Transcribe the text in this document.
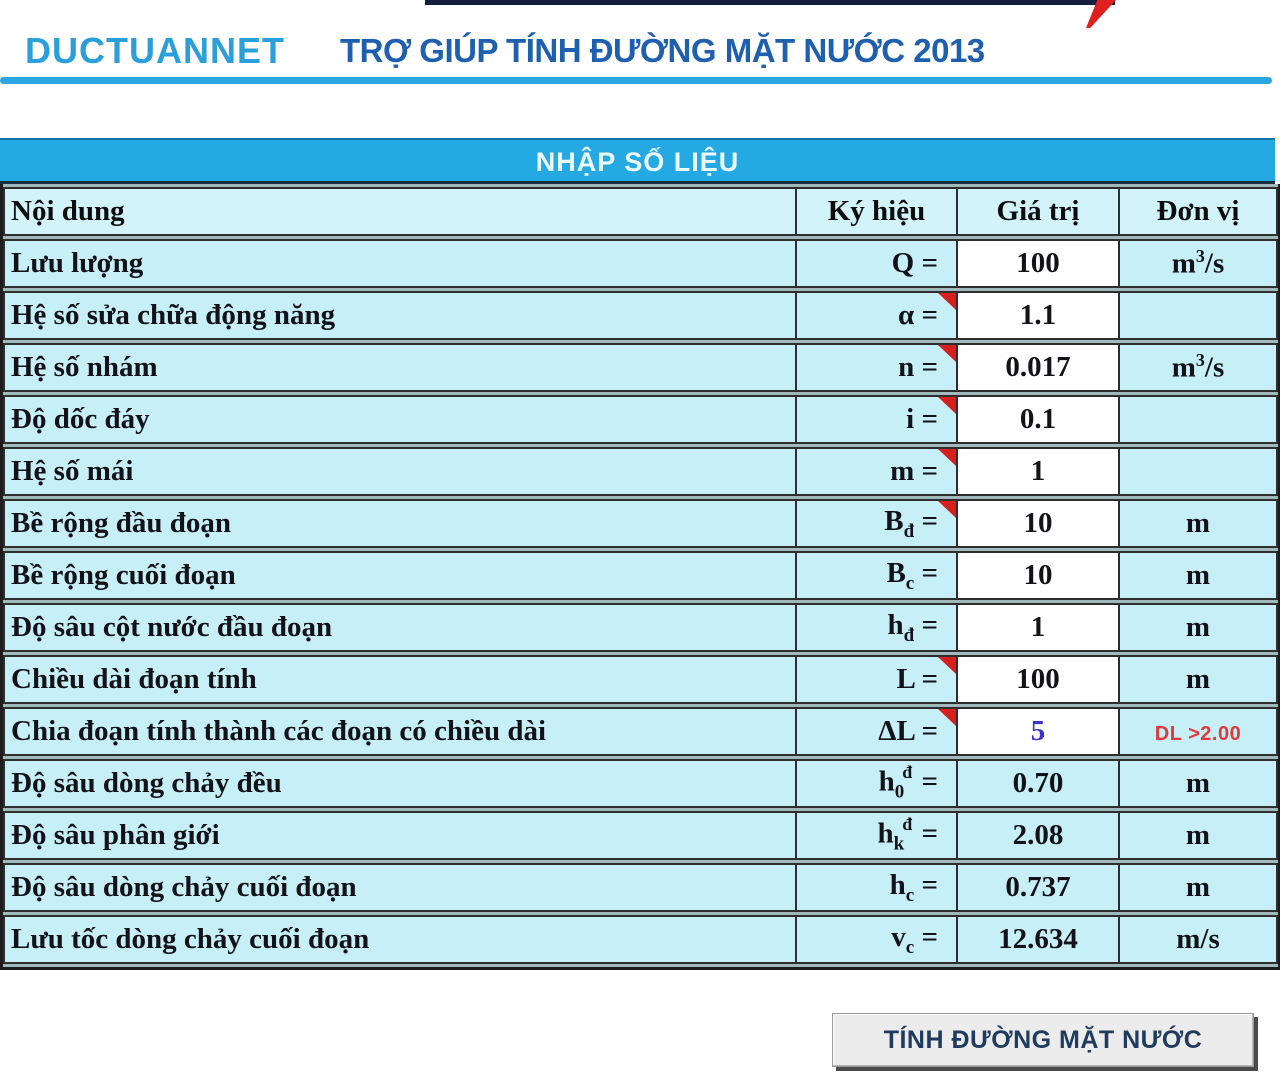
DUCTUANNET TRỢ GIÚP TÍNH ĐƯỜNG MẶT NƯỚC 2013
NHẬP SỐ LIỆU
Nội dung	Ký hiệu	Giá trị	Đơn vị
Lưu lượng	Q =	100	$m^3/s$
Hệ số sửa chữa động năng	α =	1.1	
Hệ số nhám	n =	0.017	$m^3/s$
Độ dốc đáy	i =	0.1	
Hệ số mái	m =	1	
Bề rộng đầu đoạn	$B_đ$ =	10	m
Bề rộng cuối đoạn	$B_c$ =	10	m
Độ sâu cột nước đầu đoạn	$h_đ$ =	1	m
Chiều dài đoạn tính	L =	100	m
Chia đoạn tính thành các đoạn có chiều dài	ΔL =	5	DL >2.00
Độ sâu dòng chảy đều	$h_0^đ$ =	0.70	m
Độ sâu phân giới	$h_k^đ$ =	2.08	m
Độ sâu dòng chảy cuối đoạn	$h_c$ =	0.737	m
Lưu tốc dòng chảy cuối đoạn	$v_c$ =	12.634	m/s
TÍNH ĐƯỜNG MẶT NƯỚC
